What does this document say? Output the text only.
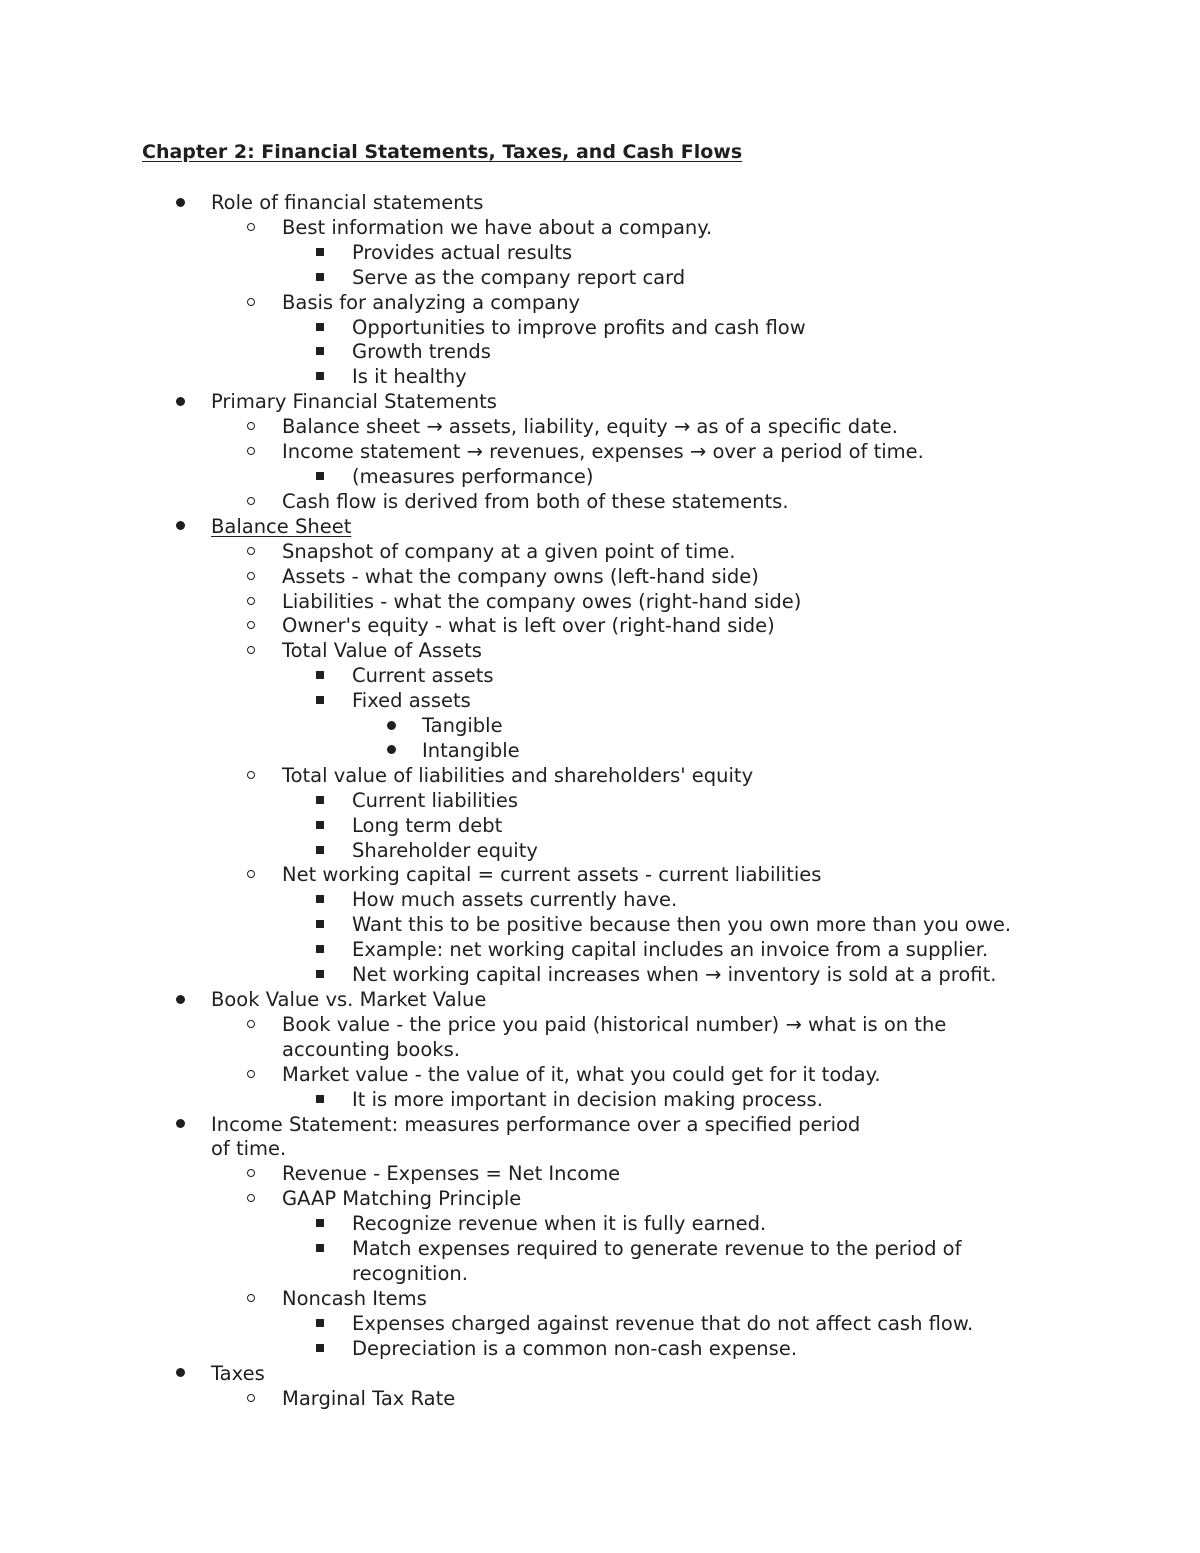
Chapter 2: Financial Statements, Taxes, and Cash Flows
Role of financial statements
Best information we have about a company.
Provides actual results
Serve as the company report card
Basis for analyzing a company
Opportunities to improve profits and cash flow
Growth trends
Is it healthy
Primary Financial Statements
Balance sheet → assets, liability, equity → as of a specific date.
Income statement → revenues, expenses → over a period of time.
(measures performance)
Cash flow is derived from both of these statements.
Balance Sheet
Snapshot of company at a given point of time.
Assets - what the company owns (left-hand side)
Liabilities - what the company owes (right-hand side)
Owner's equity - what is left over (right-hand side)
Total Value of Assets
Current assets
Fixed assets
Tangible
Intangible
Total value of liabilities and shareholders' equity
Current liabilities
Long term debt
Shareholder equity
Net working capital = current assets - current liabilities
How much assets currently have.
Want this to be positive because then you own more than you owe.
Example: net working capital includes an invoice from a supplier.
Net working capital increases when → inventory is sold at a profit.
Book Value vs. Market Value
Book value - the price you paid (historical number) → what is on the accounting books.
Market value - the value of it, what you could get for it today.
It is more important in decision making process.
Income Statement: measures performance over a specified period of time.
Revenue - Expenses = Net Income
GAAP Matching Principle
Recognize revenue when it is fully earned.
Match expenses required to generate revenue to the period of recognition.
Noncash Items
Expenses charged against revenue that do not affect cash flow.
Depreciation is a common non-cash expense.
Taxes
Marginal Tax Rate
